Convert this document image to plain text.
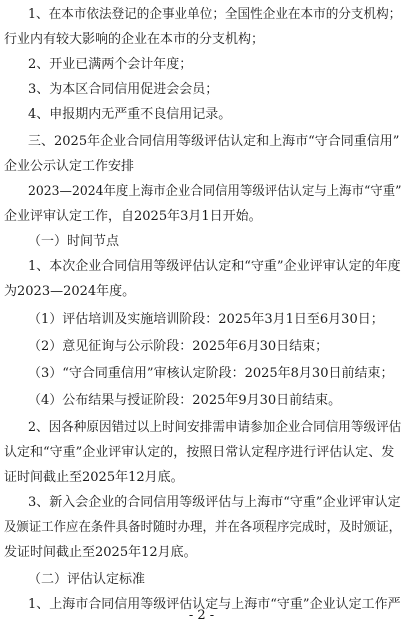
1、在本市依法登记的企事业单位；全国性企业在本市的分支机构；
行业内有较大影响的企业在本市的分支机构；
2、开业已满两个会计年度；
3、为本区合同信用促进会会员；
4、申报期内无严重不良信用记录。
三、2025年企业合同信用等级评估认定和上海市“守合同重信用”
企业公示认定工作安排
2023—2024年度上海市企业合同信用等级评估认定与上海市“守重”
企业评审认定工作，自2025年3月1日开始。
（一）时间节点
1、本次企业合同信用等级评估认定和“守重”企业评审认定的年度
为2023—2024年度。
（1）评估培训及实施培训阶段：2025年3月1日至6月30日；
（2）意见征询与公示阶段：2025年6月30日结束；
（3）“守合同重信用”审核认定阶段：2025年8月30日前结束；
（4）公布结果与授证阶段：2025年9月30日前结束。
2、因各种原因错过以上时间安排需申请参加企业合同信用等级评估
认定和“守重”企业评审认定的，按照日常认定程序进行评估认定、发
证时间截止至2025年12月底。
3、新入会企业的合同信用等级评估与上海市“守重”企业评审认定
及颁证工作应在条件具备时随时办理，并在各项程序完成时，及时颁证，
发证时间截止至2025年12月底。
（二）评估认定标准
1、上海市合同信用等级评估认定与上海市“守重”企业认定工作严
- 2 -
